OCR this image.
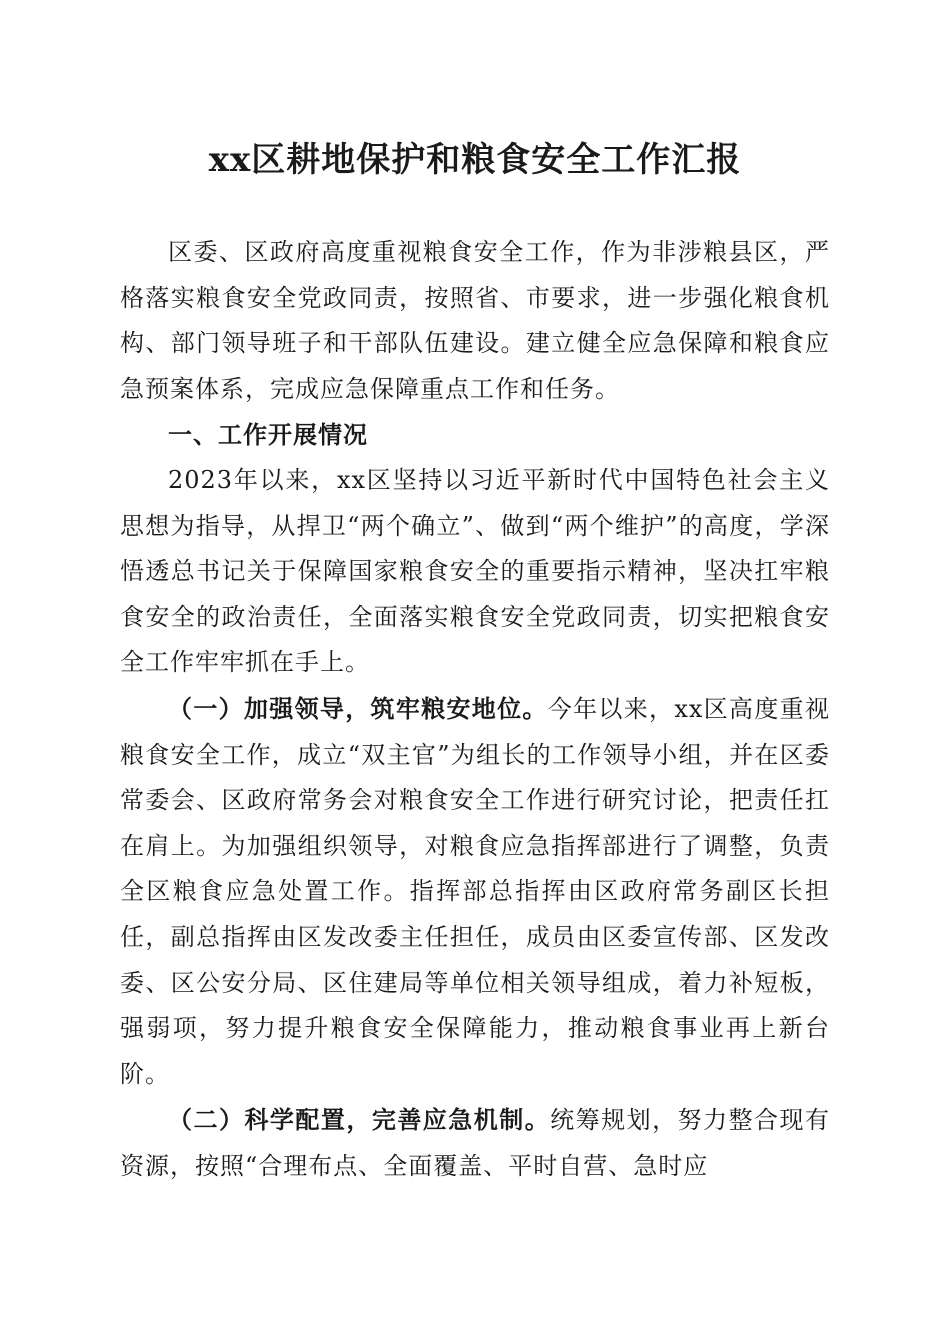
xx区耕地保护和粮食安全工作汇报

区委、区政府高度重视粮食安全工作，作为非涉粮县区，严格落实粮食安全党政同责，按照省、市要求，进一步强化粮食机构、部门领导班子和干部队伍建设。建立健全应急保障和粮食应急预案体系，完成应急保障重点工作和任务。

一、工作开展情况

2023年以来，xx区坚持以习近平新时代中国特色社会主义思想为指导，从捍卫“两个确立”、做到“两个维护”的高度，学深悟透总书记关于保障国家粮食安全的重要指示精神，坚决扛牢粮食安全的政治责任，全面落实粮食安全党政同责，切实把粮食安全工作牢牢抓在手上。

（一）加强领导，筑牢粮安地位。今年以来，xx区高度重视粮食安全工作，成立“双主官”为组长的工作领导小组，并在区委常委会、区政府常务会对粮食安全工作进行研究讨论，把责任扛在肩上。为加强组织领导，对粮食应急指挥部进行了调整，负责全区粮食应急处置工作。指挥部总指挥由区政府常务副区长担任，副总指挥由区发改委主任担任，成员由区委宣传部、区发改委、区公安分局、区住建局等单位相关领导组成，着力补短板，强弱项，努力提升粮食安全保障能力，推动粮食事业再上新台阶。

（二）科学配置，完善应急机制。统筹规划，努力整合现有资源，按照“合理布点、全面覆盖、平时自营、急时应
